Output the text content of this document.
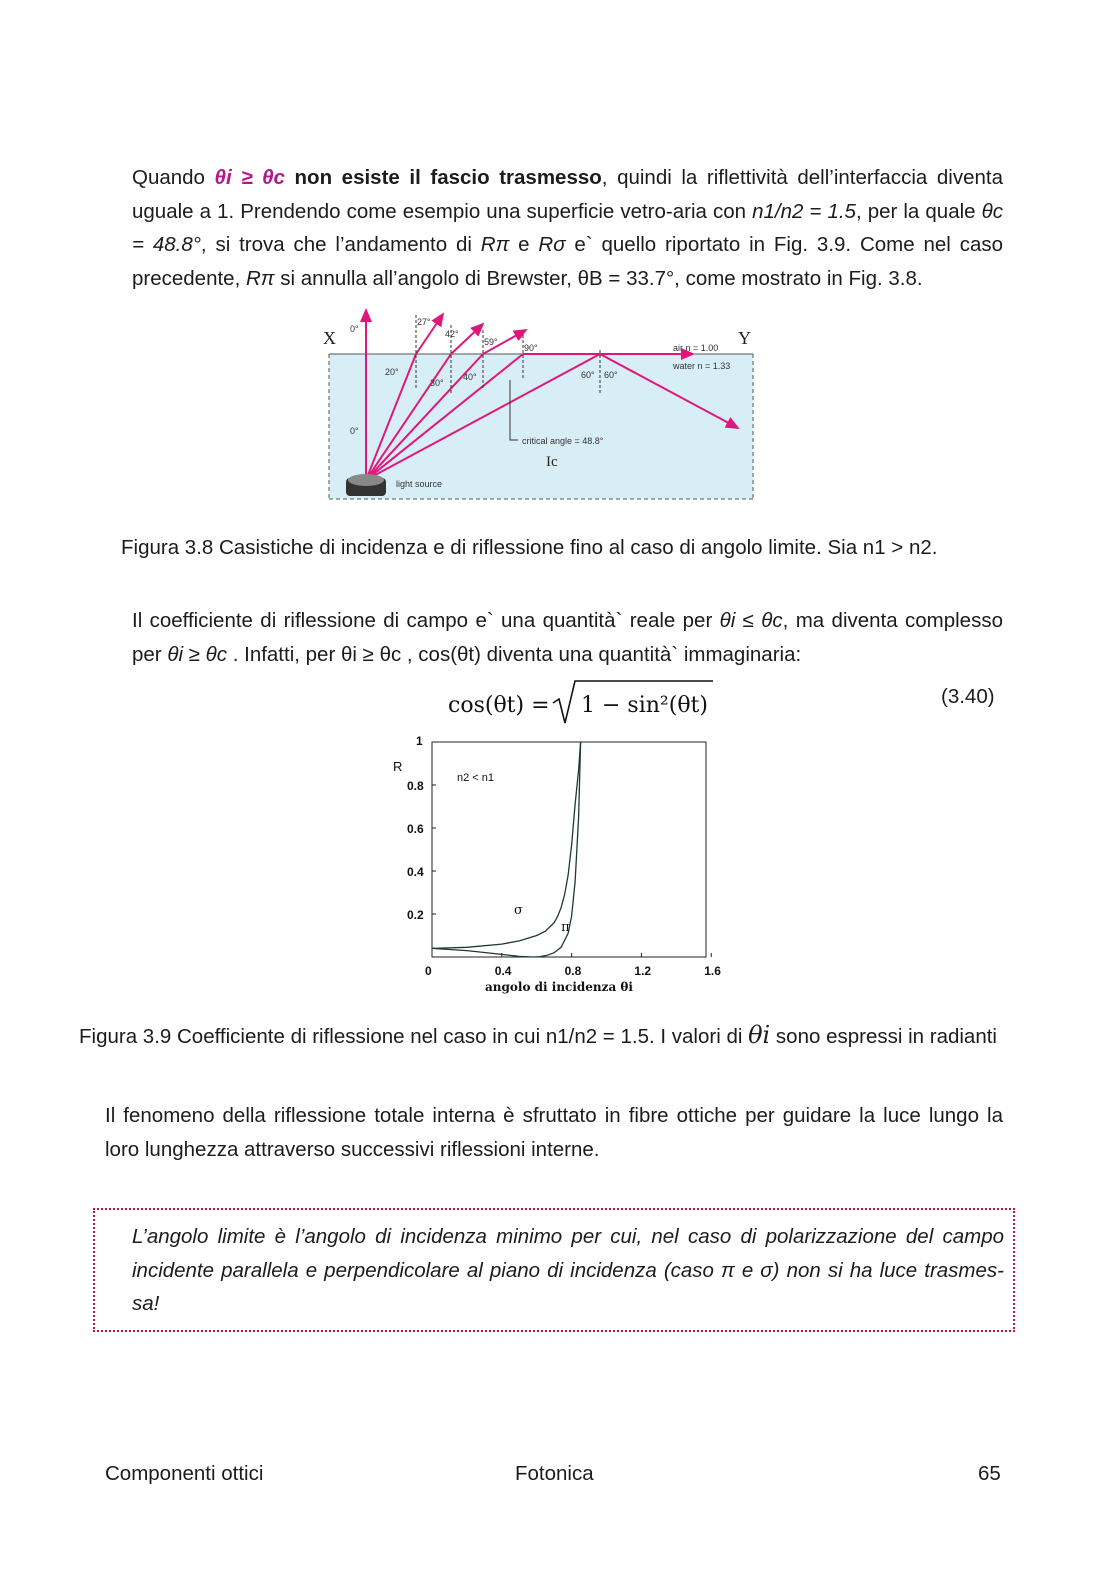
Quando θi ≥ θc non esiste il fascio trasmesso, quindi la riflettività dell’interfaccia diventa uguale a 1. Prendendo come esempio una superficie vetro-aria con n1/n2 = 1.5, per la quale θc = 48.8°, si trova che l’andamento di Rπ e Rσ e` quello riportato in Fig. 3.9. Come nel caso precedente, Rπ si annulla all’angolo di Brewster, θB = 33.7°, come mostrato in Fig. 3.8.

X	Y
0°
27°
42°
59°
90°
20°
30°
40°
0°
60° 60°
air n = 1.00
water n = 1.33
critical angle = 48.8°
light source
Ic
Figura 3.8 Casistiche di incidenza e di riflessione fino al caso di angolo limite. Sia n1 > n2.

Il coefficiente di riflessione di campo e` una quantità` reale per θi ≤ θc, ma diventa complesso per θi ≥ θc . Infatti, per θi ≥ θc , cos(θt) diventa una quantità` immaginaria:

cos(θt) = 1 − sin²(θt)	(3.40)
R
angolo di incidenza θi
n2 < n1
0	0.4	0.8	1.2	1.6
0.2
0.4
0.6
0.8
1
σ
π
Figura 3.9 Coefficiente di riflessione nel caso in cui n1/n2 = 1.5. I valori di θi sono espressi in radianti

Il fenomeno della riflessione totale interna è sfruttato in fibre ottiche per guidare la luce lungo la loro lunghezza attraverso successivi riflessioni interne.

L’angolo limite è l’angolo di incidenza minimo per cui, nel caso di polarizzazione del campo incidente parallela e perpendicolare al piano di incidenza (caso π e σ) non si ha luce trasmes-sa!

Componenti ottici	Fotonica	65
